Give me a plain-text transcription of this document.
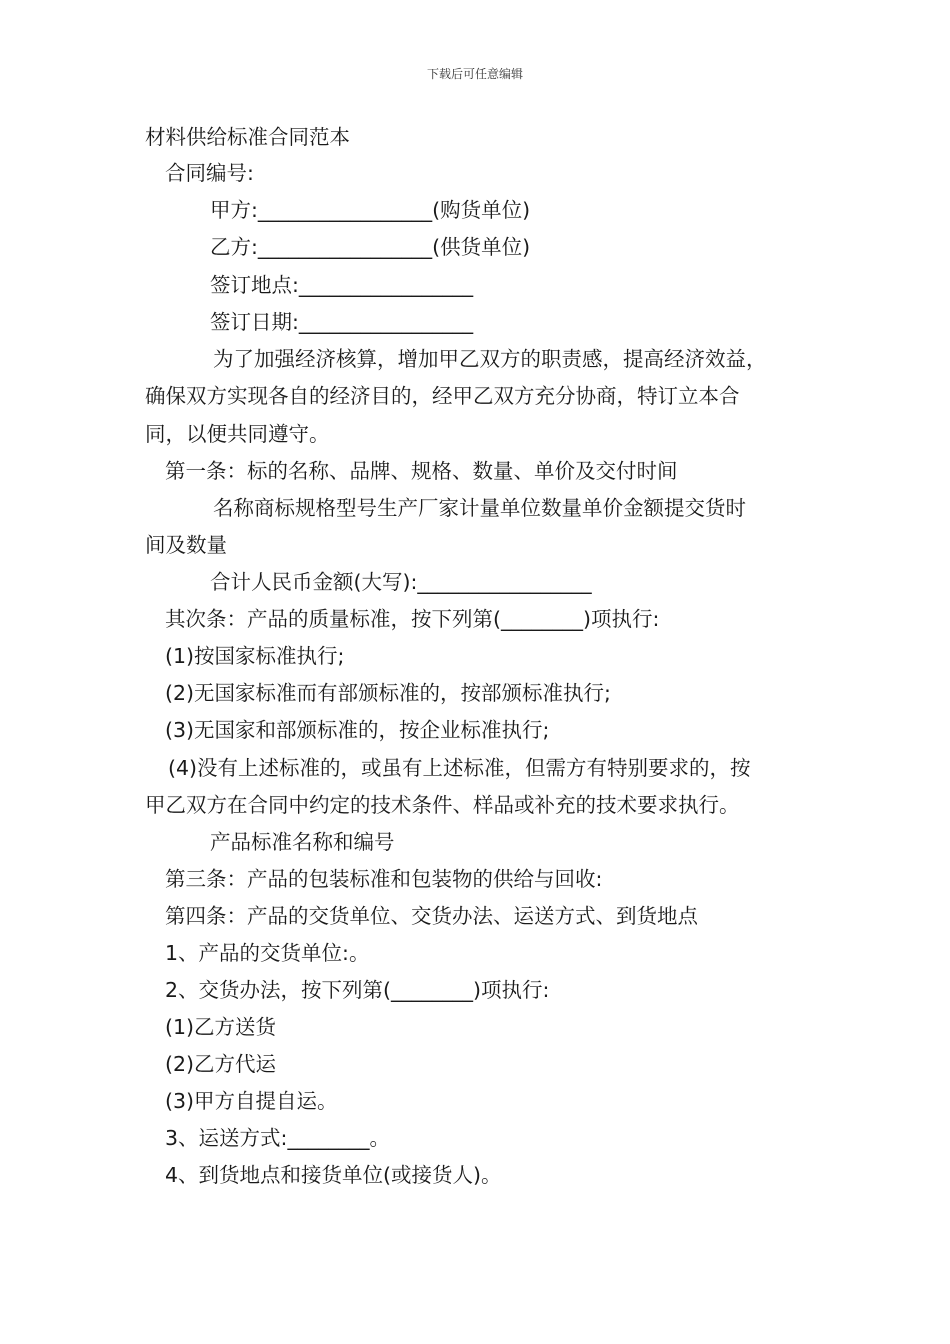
下载后可任意编辑
材料供给标准合同范本
合同编号:
甲方:_________________(购货单位)
乙方:_________________(供货单位)
签订地点:_________________
签订日期:_________________
为了加强经济核算，增加甲乙双方的职责感，提高经济效益，
确保双方实现各自的经济目的，经甲乙双方充分协商，特订立本合
同，以便共同遵守。
第一条：标的名称、品牌、规格、数量、单价及交付时间
名称商标规格型号生产厂家计量单位数量单价金额提交货时
间及数量
合计人民币金额(大写):_________________
其次条：产品的质量标准，按下列第(________)项执行:
(1)按国家标准执行;
(2)无国家标准而有部颁标准的，按部颁标准执行;
(3)无国家和部颁标准的，按企业标准执行;
(4)没有上述标准的，或虽有上述标准，但需方有特别要求的，按
甲乙双方在合同中约定的技术条件、样品或补充的技术要求执行。
产品标准名称和编号
第三条：产品的包装标准和包装物的供给与回收:
第四条：产品的交货单位、交货办法、运送方式、到货地点
1、产品的交货单位:。
2、交货办法，按下列第(________)项执行:
(1)乙方送货
(2)乙方代运
(3)甲方自提自运。
3、运送方式:________。
4、到货地点和接货单位(或接货人)。
